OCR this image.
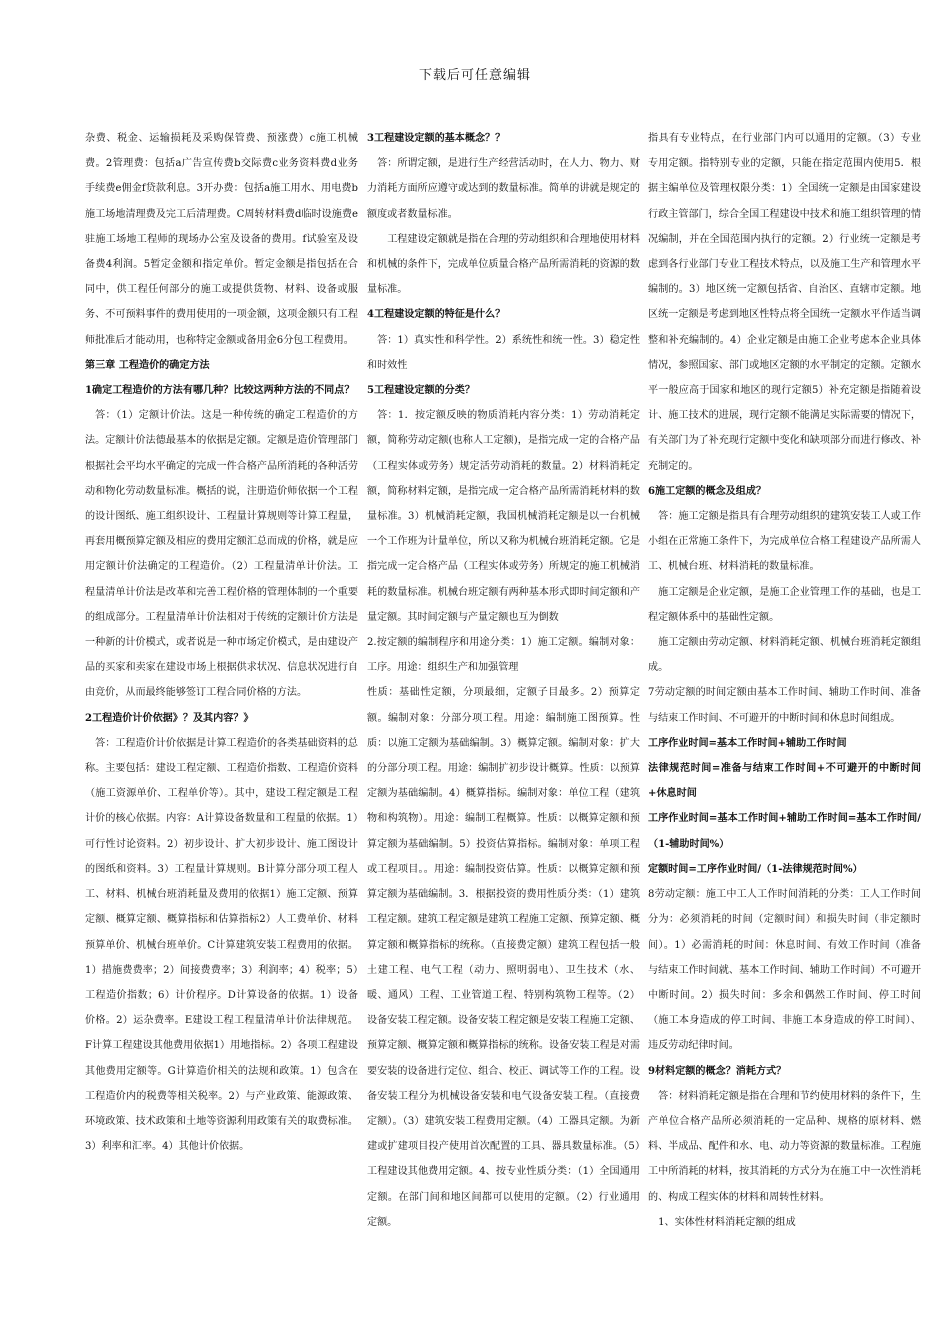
下载后可任意编辑

杂费、税金、运输损耗及采购保管费、预涨费）c施工机械费。2管理费：包括a广告宣传费b交际费c业务资料费d业务手续费e佣金f贷款利息。3开办费：包括a施工用水、用电费b施工场地清理费及完工后清理费。C周转材料费d临时设施费e驻施工场地工程师的现场办公室及设备的费用。f试验室及设备费4利润。5暂定金额和指定单价。暂定金额是指包括在合同中，供工程任何部分的施工或提供货物、材料、设备或服务、不可预料事件的费用使用的一项金额，这项金额只有工程师批准后才能动用，也称特定金额或备用金6分包工程费用。

第三章 工程造价的确定方法

1确定工程造价的方法有哪几种？比较这两种方法的不同点？

答：（1）定额计价法。这是一种传统的确定工程造价的方法。定额计价法德最基本的依据是定额。定额是造价管理部门根据社会平均水平确定的完成一件合格产品所消耗的各种活劳动和物化劳动数量标准。概括的说，注册造价师依据一个工程的设计图纸、施工组织设计、工程量计算规则等计算工程量，再套用概预算定额及相应的费用定额汇总而成的价格，就是应用定额计价法确定的工程造价。（2）工程量清单计价法。工程量清单计价法是改革和完善工程价格的管理体制的一个重要的组成部分。工程量清单计价法相对于传统的定额计价方法是一种新的计价模式，或者说是一种市场定价模式，是由建设产品的买家和卖家在建设市场上根据供求状况、信息状况进行自由竞价，从而最终能够签订工程合同价格的方法。

2工程造价计价依据》？及其内容？》

答：工程造价计价依据是计算工程造价的各类基础资料的总称。主要包括：建设工程定额、工程造价指数、工程造价资料（施工资源单价、工程单价等）。其中，建设工程定额是工程计价的核心依据。内容：A计算设备数量和工程量的依据。1）可行性讨论资料。2）初步设计、扩大初步设计、施工图设计的图纸和资料。3）工程量计算规则。B计算分部分项工程人工、材料、机械台班消耗量及费用的依据1）施工定额、预算定额、概算定额、概算指标和估算指标2）人工费单价、材料预算单价、机械台班单价。C计算建筑安装工程费用的依据。1）措施费费率；2）间接费费率；3）利润率；4）税率；5）工程造价指数；6）计价程序。D计算设备的依据。1）设备价格。2）运杂费率。E建设工程工程量清单计价法律规范。F计算工程建设其他费用依据1）用地指标。2）各项工程建设其他费用定额等。G计算造价相关的法规和政策。1）包含在工程造价内的税费等相关税率。2）与产业政策、能源政策、环境政策、技术政策和土地等资源利用政策有关的取费标准。3）利率和汇率。4）其他计价依据。

3工程建设定额的基本概念？？

答：所谓定额，是进行生产经营活动时，在人力、物力、财力消耗方面所应遵守或达到的数量标准。简单的讲就是规定的额度或者数量标准。

工程建设定额就是指在合理的劳动组织和合理地使用材料和机械的条件下，完成单位质量合格产品所需消耗的资源的数量标准。

4工程建设定额的特征是什么？

答：1）真实性和科学性。2）系统性和统一性。3）稳定性和时效性

5工程建设定额的分类？

答：1．按定额反映的物质消耗内容分类：1）劳动消耗定额，简称劳动定额(也称人工定额)，是指完成一定的合格产品（工程实体或劳务）规定活劳动消耗的数量。2）材料消耗定额，简称材料定额，是指完成一定合格产品所需消耗材料的数量标准。3）机械消耗定额，我国机械消耗定额是以一台机械一个工作班为计量单位，所以又称为机械台班消耗定额。它是指完成一定合格产品（工程实体或劳务）所规定的施工机械消耗的数量标准。机械台班定额有两种基本形式即时间定额和产量定额。其时间定额与产量定额也互为倒数

2.按定额的编制程序和用途分类：1）施工定额。编制对象：工序。用途：组织生产和加强管理

性质：基础性定额，分项最细，定额子目最多。2）预算定额。编制对象：分部分项工程。用途：编制施工图预算。性质：以施工定额为基础编制。3）概算定额。编制对象：扩大的分部分项工程。用途：编制扩初步设计概算。性质：以预算定额为基础编制。4）概算指标。编制对象：单位工程（建筑物和构筑物）。用途：编制工程概算。性质：以概算定额和预算定额为基础编制。5）投资估算指标。编制对象：单项工程或工程项目。。用途：编制投资估算。性质：以概算定额和预算定额为基础编制。3．根据投资的费用性质分类：（1）建筑工程定额。建筑工程定额是建筑工程施工定额、预算定额、概算定额和概算指标的统称。（直接费定额）建筑工程包括一般土建工程、电气工程（动力、照明弱电）、卫生技术（水、暖、通风）工程、工业管道工程、特别构筑物工程等。（2）设备安装工程定额。设备安装工程定额是安装工程施工定额、预算定额、概算定额和概算指标的统称。设备安装工程是对需要安装的设备进行定位、组合、校正、调试等工作的工程。设备安装工程分为机械设备安装和电气设备安装工程。（直接费定额）。（3）建筑安装工程费用定额。（4）工器具定额。为新建或扩建项目投产使用首次配置的工具、器具数量标准。（5）工程建设其他费用定额。4、按专业性质分类：（1）全国通用定额。在部门间和地区间都可以使用的定额。（2）行业通用定额。

指具有专业特点，在行业部门内可以通用的定额。（3）专业专用定额。指特别专业的定额，只能在指定范围内使用5．根据主编单位及管理权限分类：1）全国统一定额是由国家建设行政主管部门，综合全国工程建设中技术和施工组织管理的情况编制，并在全国范围内执行的定额。2）行业统一定额是考虑到各行业部门专业工程技术特点，以及施工生产和管理水平编制的。3）地区统一定额包括省、自治区、直辖市定额。地区统一定额是考虑到地区性特点将全国统一定额水平作适当调整和补充编制的。4）企业定额是由施工企业考虑本企业具体情况，参照国家、部门或地区定额的水平制定的定额。定额水平一般应高于国家和地区的现行定额5）补充定额是指随着设计、施工技术的进展，现行定额不能满足实际需要的情况下，有关部门为了补充现行定额中变化和缺项部分而进行修改、补充制定的。

6施工定额的概念及组成？

答：施工定额是指具有合理劳动组织的建筑安装工人或工作小组在正常施工条件下，为完成单位合格工程建设产品所需人工、机械台班、材料消耗的数量标准。

施工定额是企业定额，是施工企业管理工作的基础，也是工程定额体系中的基础性定额。

施工定额由劳动定额、材料消耗定额、机械台班消耗定额组成。

7劳动定额的时间定额由基本工作时间、辅助工作时间、准备与结束工作时间、不可避开的中断时间和休息时间组成。

工序作业时间=基本工作时间+辅助工作时间

法律规范时间=准备与结束工作时间+不可避开的中断时间+休息时间

工序作业时间=基本工作时间+辅助工作时间=基本工作时间/（1-辅助时间%）

定额时间=工序作业时间/（1-法律规范时间%）

8劳动定额：施工中工人工作时间消耗的分类：工人工作时间分为：必须消耗的时间（定额时间）和损失时间（非定额时间）。1）必需消耗的时间：休息时间、有效工作时间（准备与结束工作时间就、基本工作时间、辅助工作时间）不可避开中断时间。2）损失时间：多余和偶然工作时间、停工时间（施工本身造成的停工时间、非施工本身造成的停工时间）、违反劳动纪律时间。

9材料定额的概念？消耗方式？

答：材料消耗定额是指在合理和节约使用材料的条件下，生产单位合格产品所必须消耗的一定品种、规格的原材料、燃料、半成品、配件和水、电、动力等资源的数量标准。工程施工中所消耗的材料，按其消耗的方式分为在施工中一次性消耗的、构成工程实体的材料和周转性材料。

1、实体性材料消耗定额的组成
